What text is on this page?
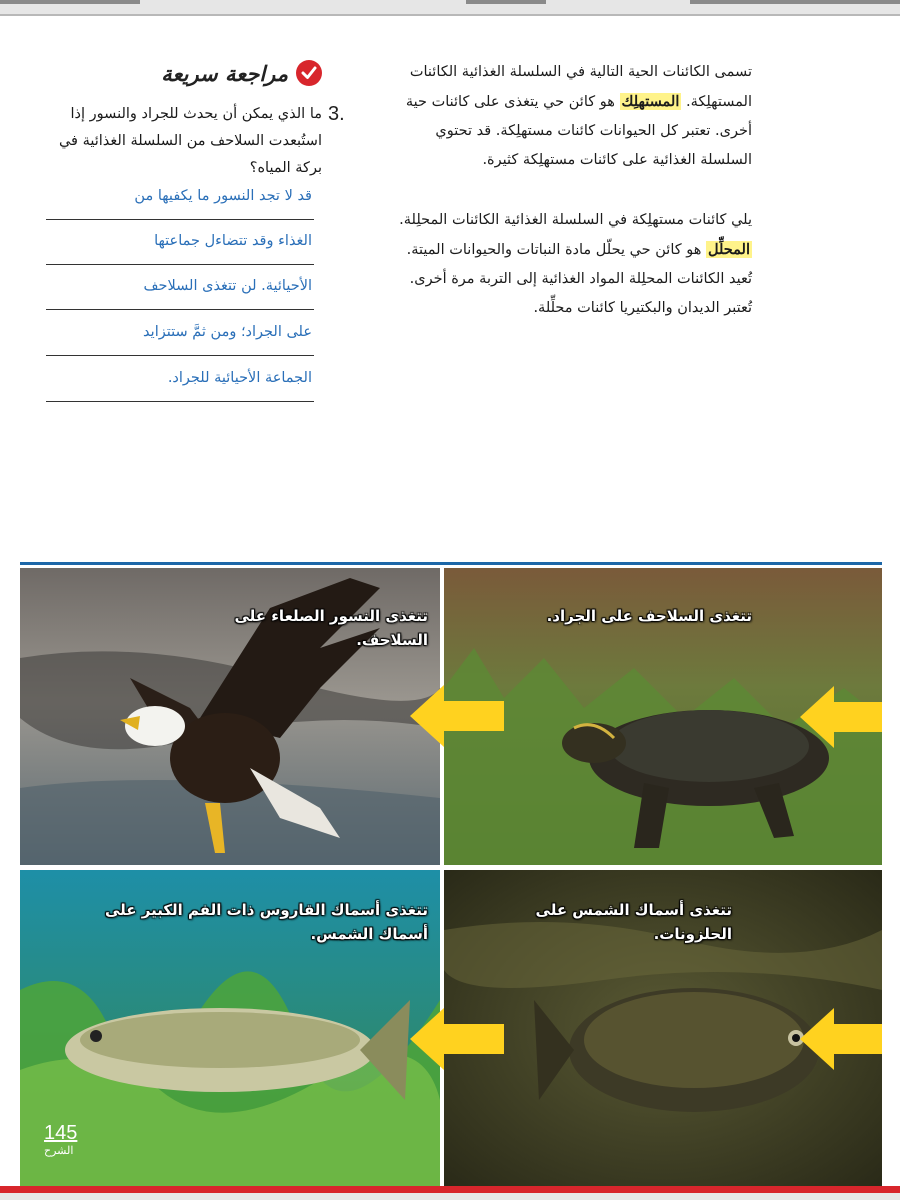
تسمى الكائنات الحية التالية في السلسلة الغذائية الكائنات المستهلِكة. المستهلِك هو كائن حي يتغذى على كائنات حية أخرى. تعتبر كل الحيوانات كائنات مستهلِكة. قد تحتوي السلسلة الغذائية على كائنات مستهلِكة كثيرة.
يلي كائنات مستهلِكة في السلسلة الغذائية الكائنات المحلِلة. المحلِّل هو كائن حي يحلّل مادة النباتات والحيوانات الميتة. تُعيد الكائنات المحلِلة المواد الغذائية إلى التربة مرة أخرى. تُعتبر الديدان والبكتيريا كائنات محلِّلة.
مراجعة سريعة
3.
ما الذي يمكن أن يحدث للجراد والنسور إذا استُبعدت السلاحف من السلسلة الغذائية في بركة المياه؟
قد لا تجد النسور ما يكفيها من
الغذاء وقد تتضاءل جماعتها
الأحيائية. لن تتغذى السلاحف
على الجراد؛ ومن ثمَّ ستتزايد
الجماعة الأحيائية للجراد.
تتغذى النسور الصلعاء على السلاحف.
تتغذى السلاحف على الجراد.
تتغذى أسماك القاروس ذات الفم الكبير على أسماك الشمس.
تتغذى أسماك الشمس على الحلزونات.
145
الشرح
